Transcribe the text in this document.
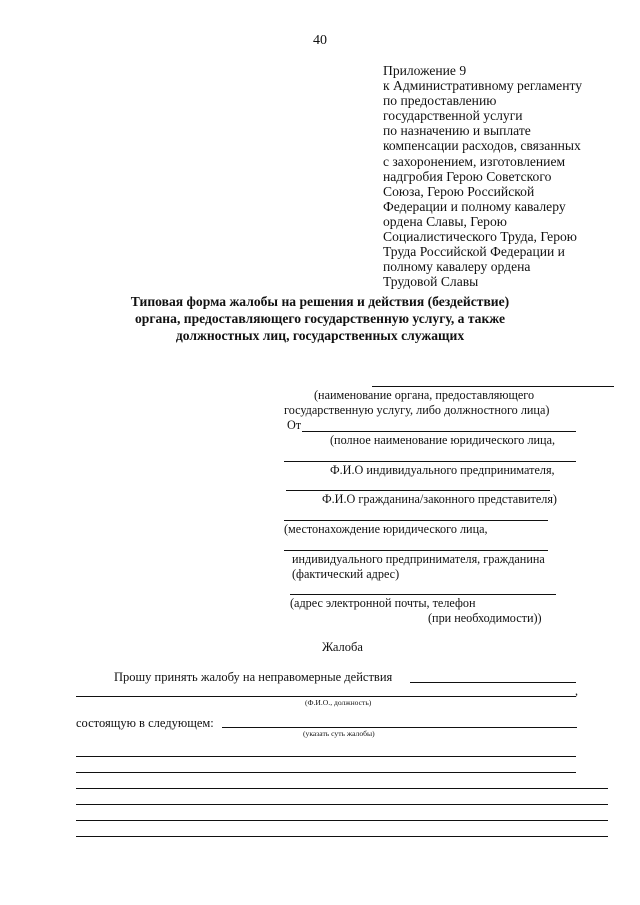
40
Приложение 9
к Административному регламенту
по предоставлению
государственной услуги
по назначению и выплате
компенсации расходов, связанных
с захоронением, изготовлением
надгробия Герою Советского
Союза, Герою Российской
Федерации и полному кавалеру
ордена Славы, Герою
Социалистического Труда, Герою
Труда Российской Федерации и
полному кавалеру ордена
Трудовой Славы
Типовая форма жалобы на решения и действия (бездействие)
органа, предоставляющего государственную услугу, а также
должностных лиц, государственных служащих
(наименование органа, предоставляющего
государственную услугу, либо должностного лица)
От
(полное наименование юридического лица,
Ф.И.О индивидуального предпринимателя,
Ф.И.О гражданина/законного представителя)
(местонахождение юридического лица,
индивидуального предпринимателя, гражданина
(фактический адрес)
(адрес электронной почты, телефон
(при необходимости))
Жалоба
Прошу принять жалобу на неправомерные действия
,
(Ф.И.О., должность)
состоящую в следующем:
(указать суть жалобы)
